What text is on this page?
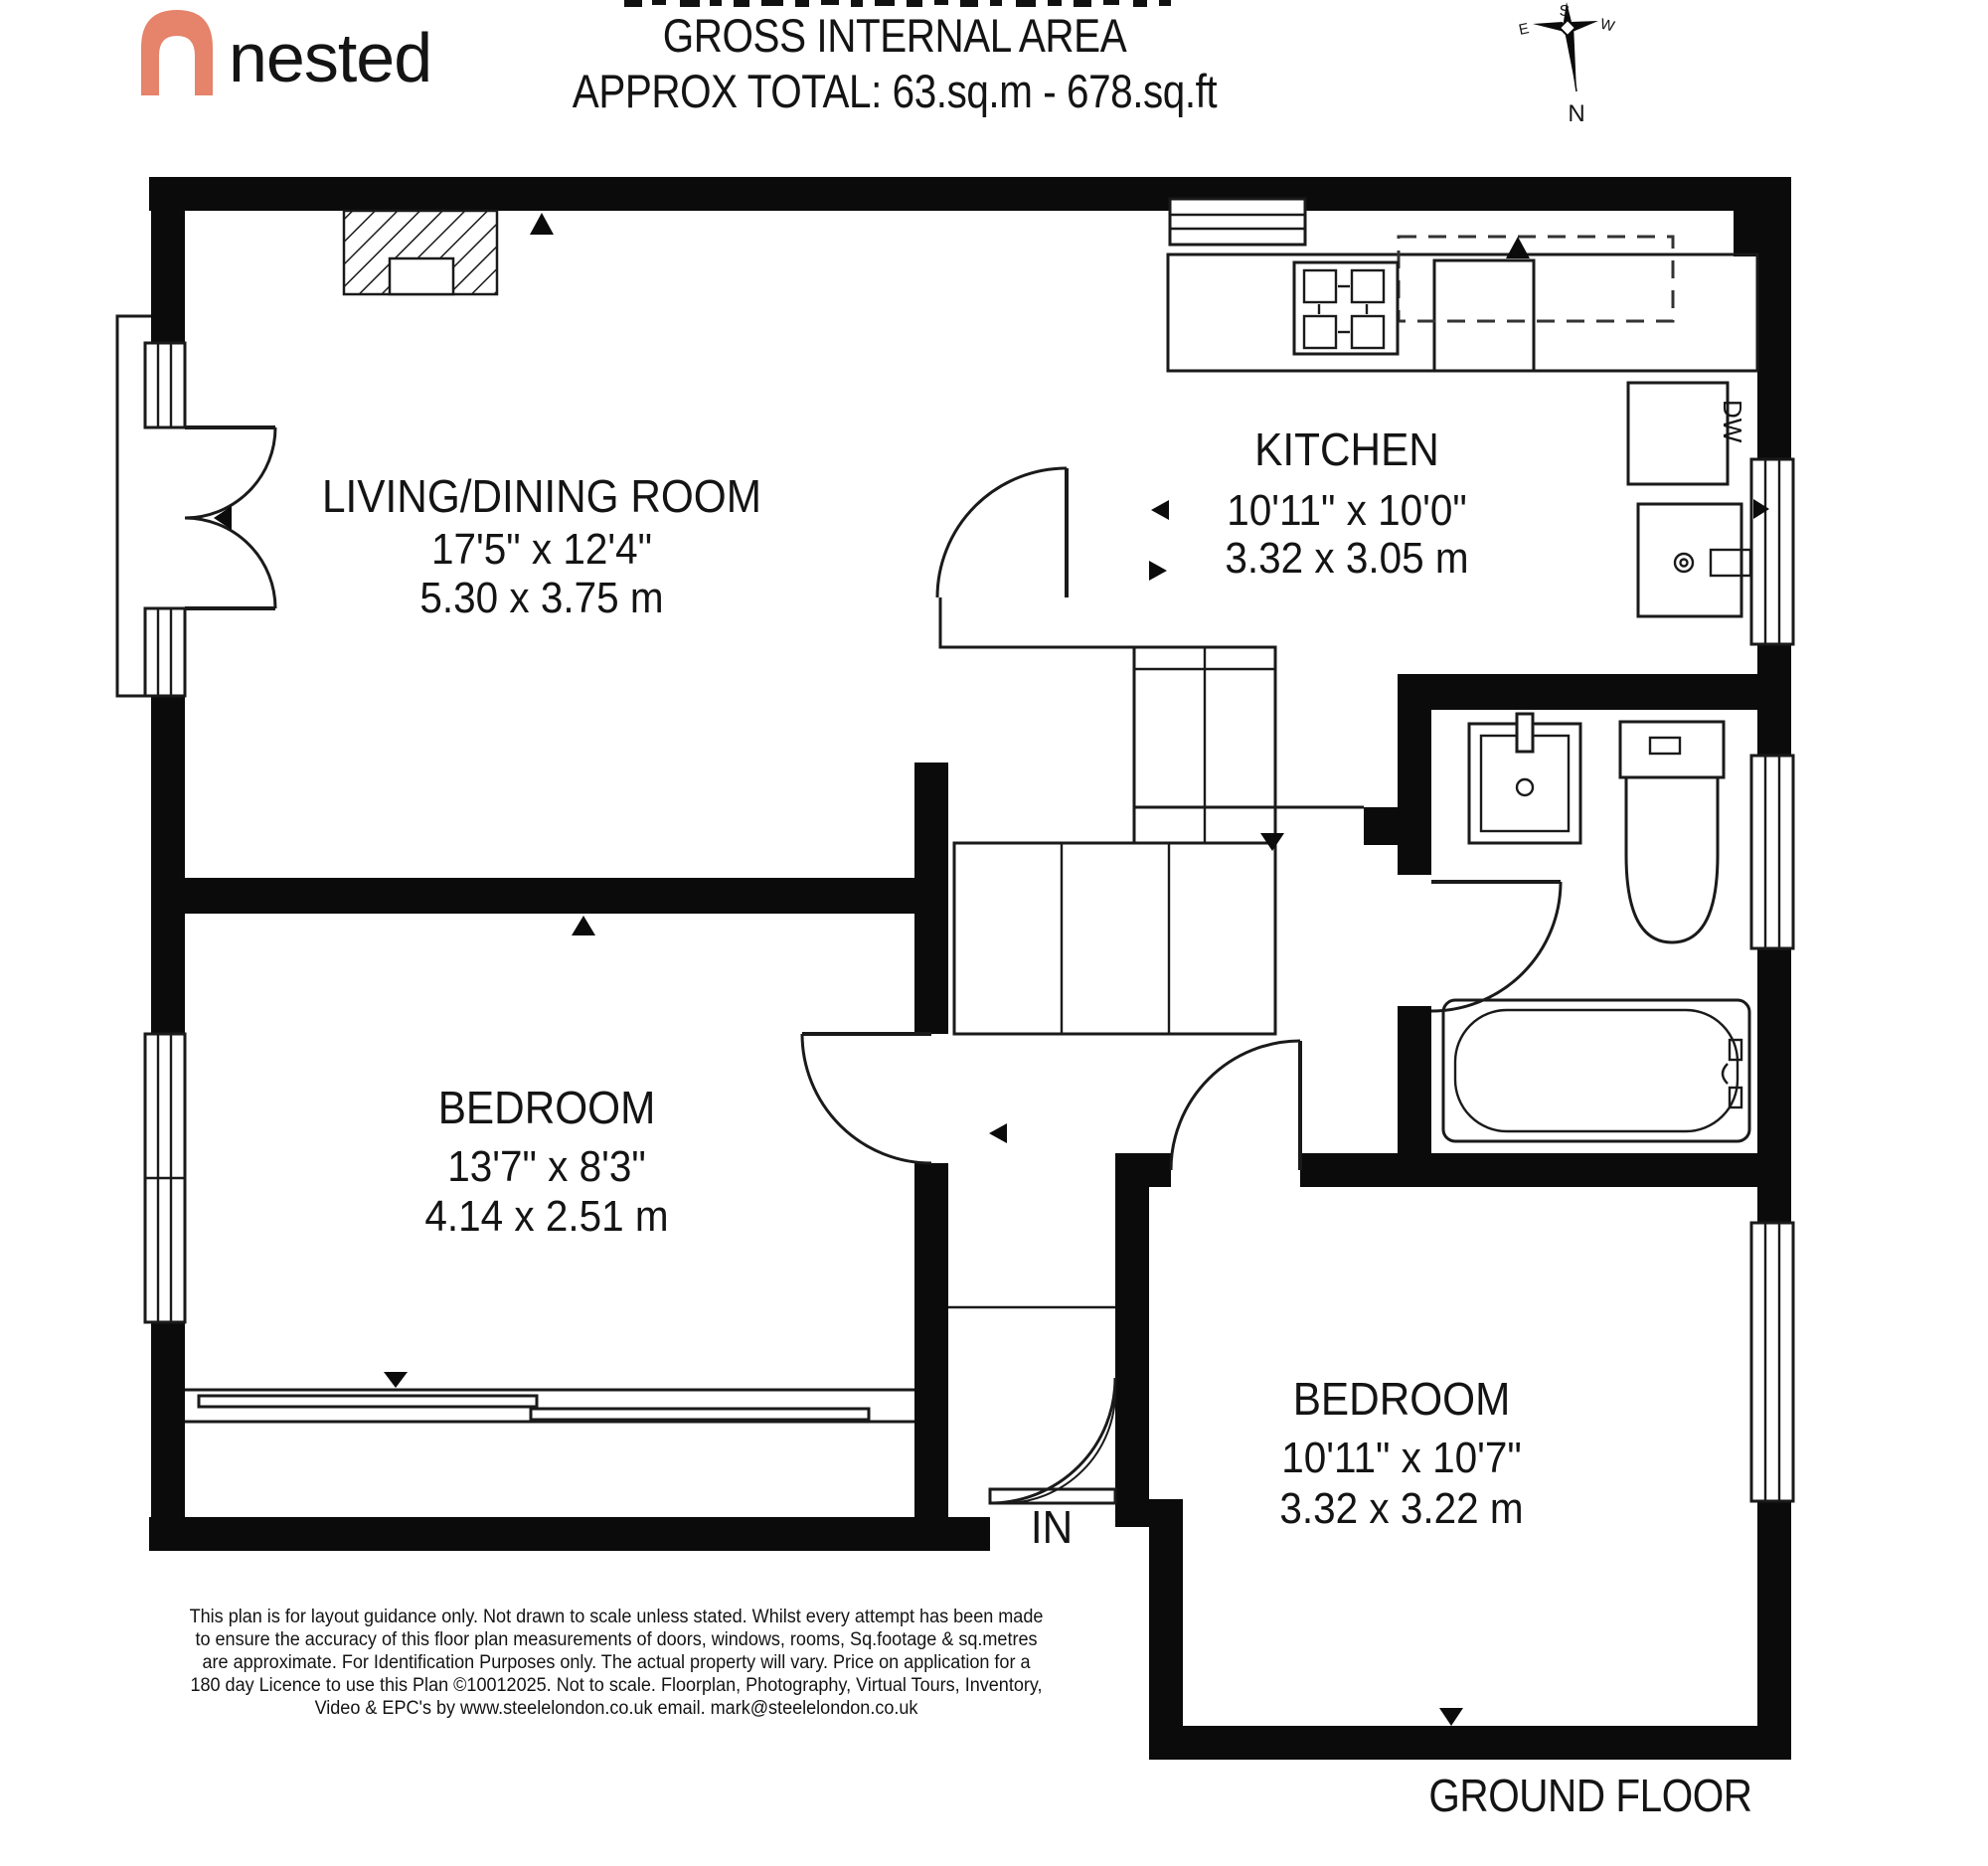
nested	GROSS INTERNAL AREA
APPROX TOTAL: 63.sq.m - 678.sq.ft
S
E	W
N
DW
LIVING/DINING ROOM
17'5" x 12'4"
5.30 x 3.75 m
KITCHEN
10'11" x 10'0"
3.32 x 3.05 m
BEDROOM
13'7" x 8'3"
4.14 x 2.51 m
BEDROOM
10'11" x 10'7"
3.32 x 3.22 m
IN
This plan is for layout guidance only. Not drawn to scale unless stated. Whilst every attempt has been made
to ensure the accuracy of this floor plan measurements of doors, windows, rooms, Sq.footage & sq.metres
are approximate. For Identification Purposes only. The actual property will vary. Price on application for a
180 day Licence to use this Plan ©10012025. Not to scale. Floorplan, Photography, Virtual Tours, Inventory,
Video & EPC's by www.steelelondon.co.uk email. mark@steelelondon.co.uk
GROUND FLOOR
